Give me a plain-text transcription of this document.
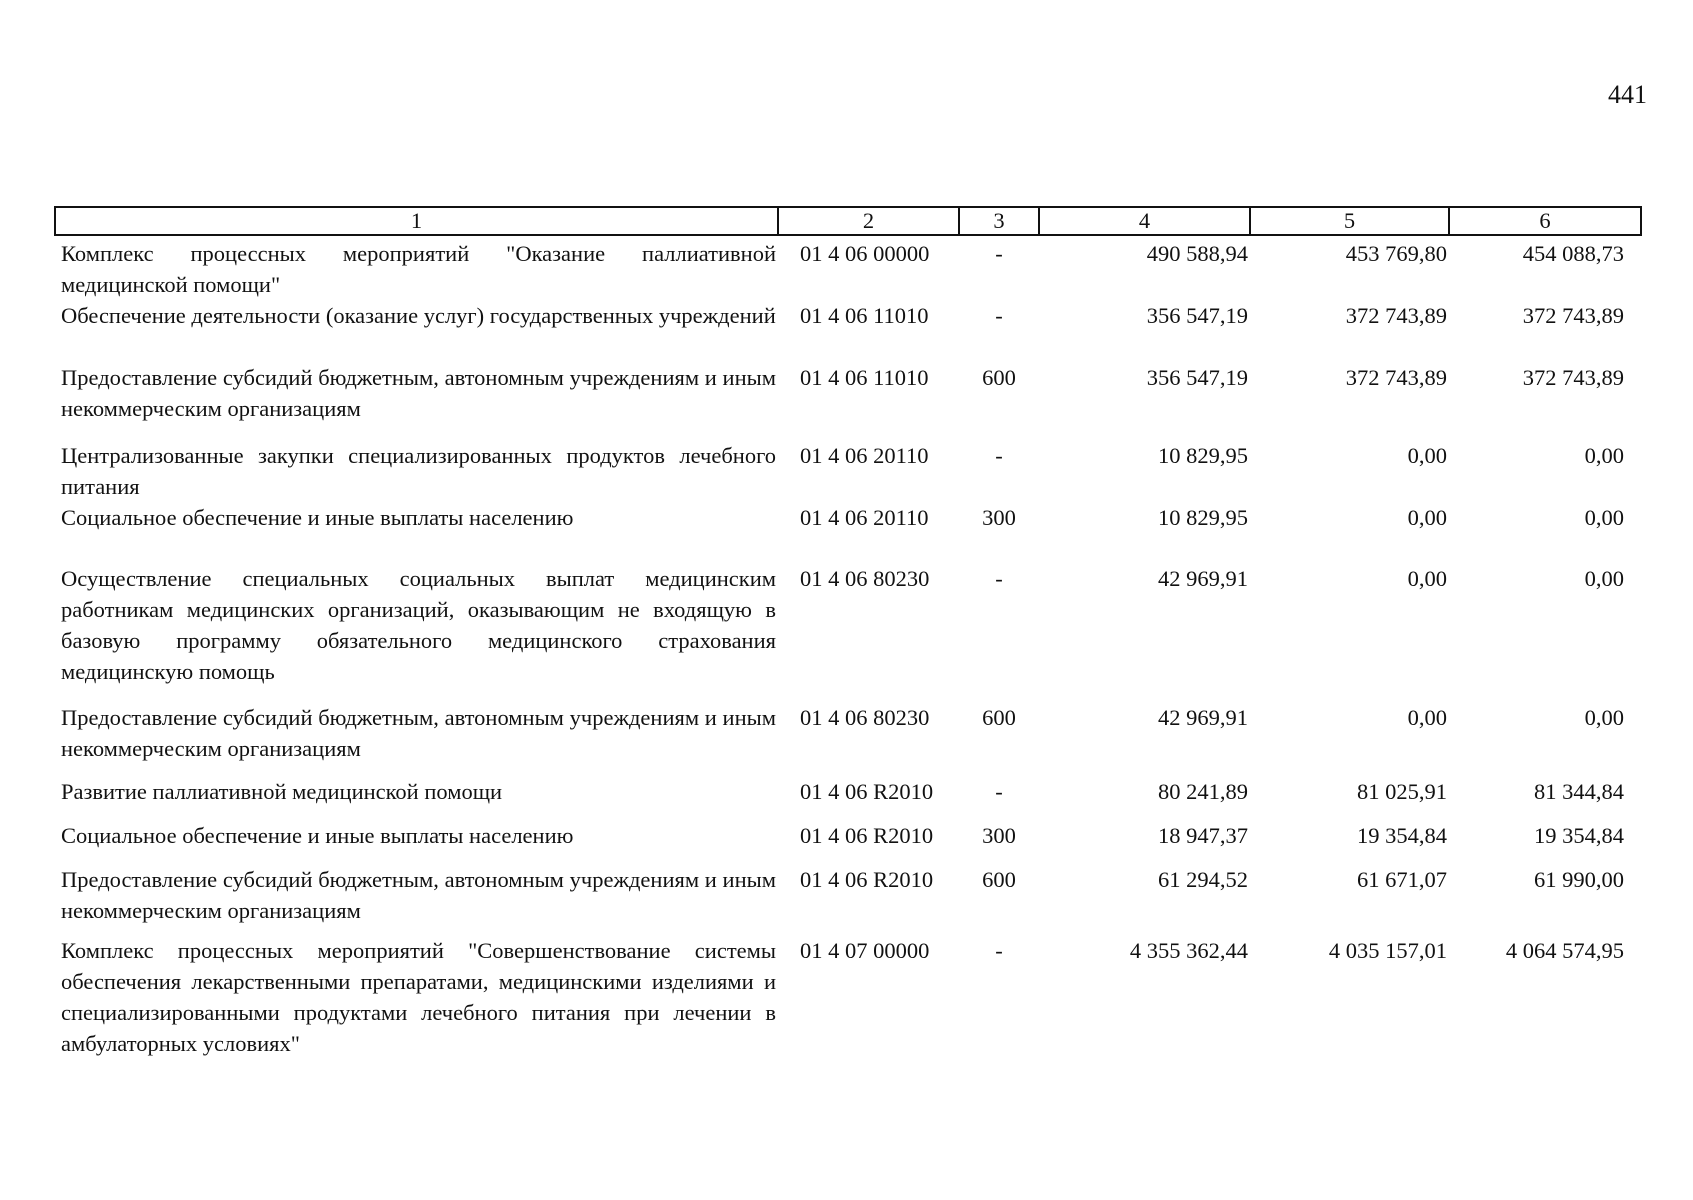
441
1	2	3	4	5	6
Комплекс процессных мероприятий "Оказание паллиативной медицинской помощи"	01 4 06 00000	-	490 588,94	453 769,80	454 088,73
Обеспечение деятельности (оказание услуг) государственных учреждений	01 4 06 11010	-	356 547,19	372 743,89	372 743,89
Предоставление субсидий бюджетным, автономным учреждениям и иным некоммерческим организациям	01 4 06 11010	600	356 547,19	372 743,89	372 743,89
Централизованные закупки специализированных продуктов лечебного питания	01 4 06 20110	-	10 829,95	0,00	0,00
Социальное обеспечение и иные выплаты населению	01 4 06 20110	300	10 829,95	0,00	0,00
Осуществление специальных социальных выплат медицинским работникам медицинских организаций, оказывающим не входящую в базовую программу обязательного медицинского страхования медицинскую помощь	01 4 06 80230	-	42 969,91	0,00	0,00
Предоставление субсидий бюджетным, автономным учреждениям и иным некоммерческим организациям	01 4 06 80230	600	42 969,91	0,00	0,00
Развитие паллиативной медицинской помощи	01 4 06 R2010	-	80 241,89	81 025,91	81 344,84
Социальное обеспечение и иные выплаты населению	01 4 06 R2010	300	18 947,37	19 354,84	19 354,84
Предоставление субсидий бюджетным, автономным учреждениям и иным некоммерческим организациям	01 4 06 R2010	600	61 294,52	61 671,07	61 990,00
Комплекс процессных мероприятий "Совершенствование системы обеспечения лекарственными препаратами, медицинскими изделиями и специализированными продуктами лечебного питания при лечении в амбулаторных условиях"	01 4 07 00000	-	4 355 362,44	4 035 157,01	4 064 574,95
